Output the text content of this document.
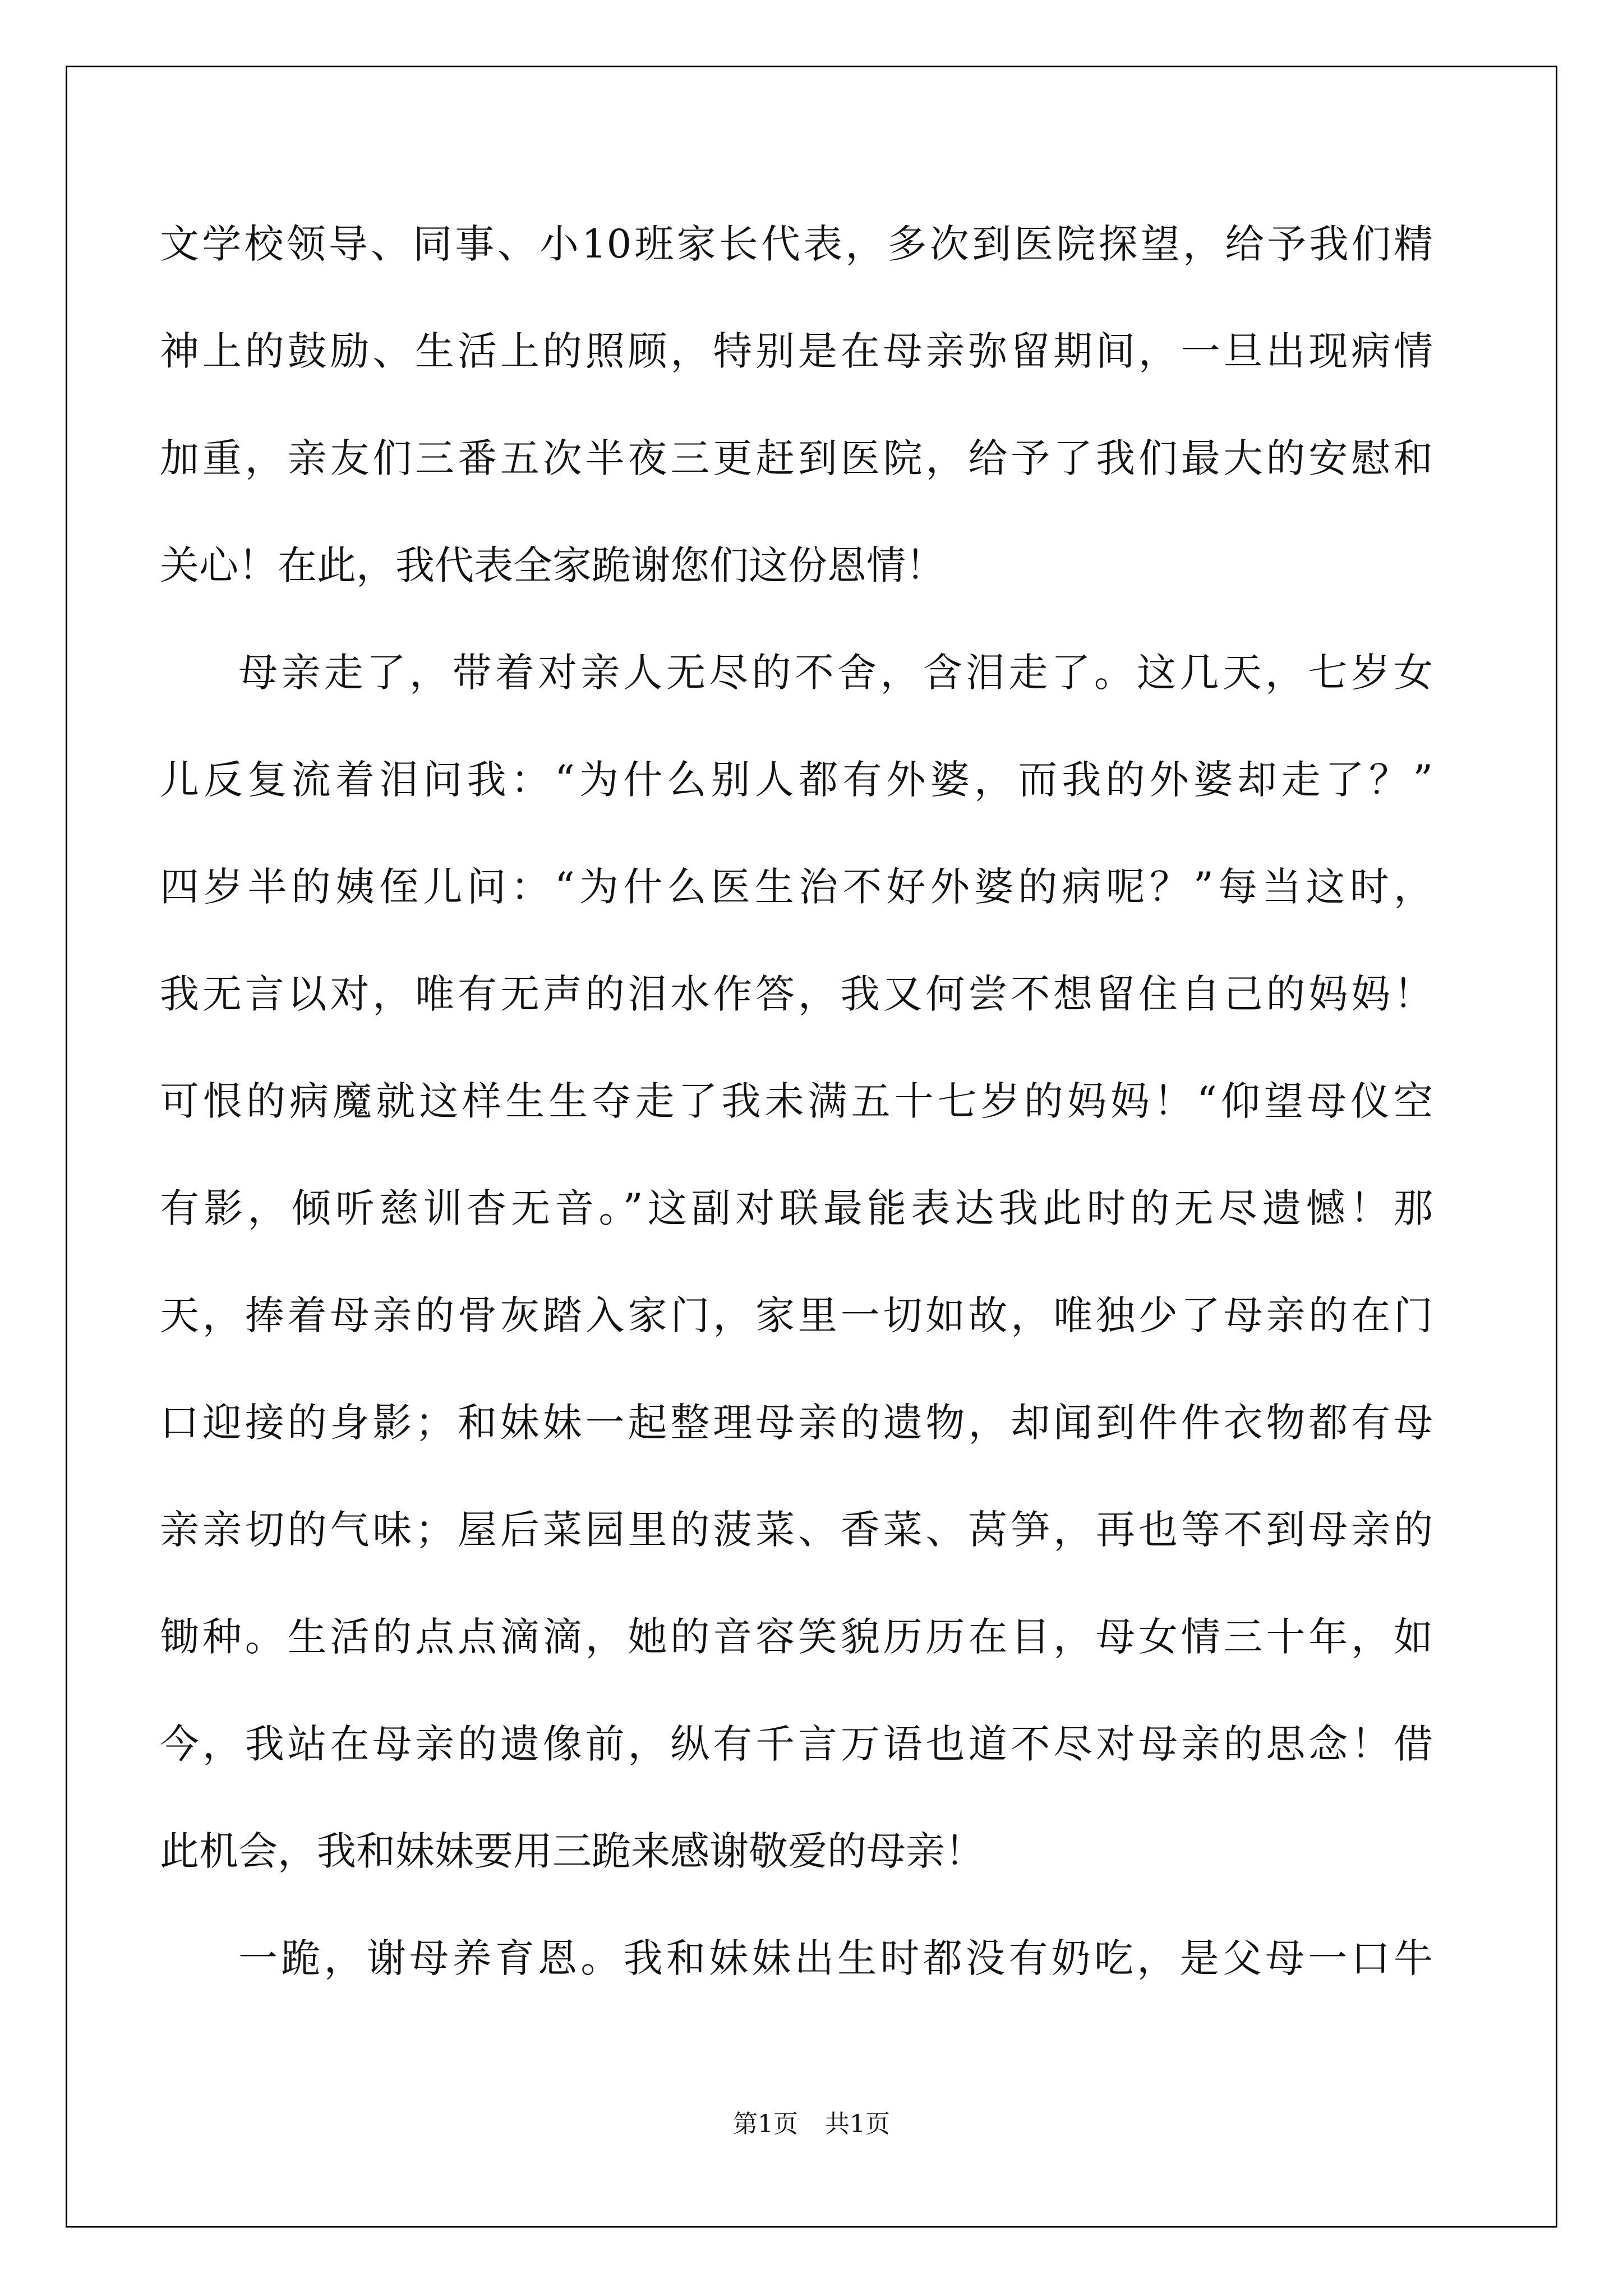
文学校领导、同事、小10班家长代表，多次到医院探望，给予我们精
神上的鼓励、生活上的照顾，特别是在母亲弥留期间，一旦出现病情
加重，亲友们三番五次半夜三更赶到医院，给予了我们最大的安慰和
关心！在此，我代表全家跪谢您们这份恩情！
母亲走了，带着对亲人无尽的不舍，含泪走了。这几天，七岁女
儿反复流着泪问我：“为什么别人都有外婆，而我的外婆却走了？”
四岁半的姨侄儿问：“为什么医生治不好外婆的病呢？”每当这时，
我无言以对，唯有无声的泪水作答，我又何尝不想留住自己的妈妈！
可恨的病魔就这样生生夺走了我未满五十七岁的妈妈！“仰望母仪空
有影，倾听慈训杳无音。”这副对联最能表达我此时的无尽遗憾！那
天，捧着母亲的骨灰踏入家门，家里一切如故，唯独少了母亲的在门
口迎接的身影；和妹妹一起整理母亲的遗物，却闻到件件衣物都有母
亲亲切的气味；屋后菜园里的菠菜、香菜、莴笋，再也等不到母亲的
锄种。生活的点点滴滴，她的音容笑貌历历在目，母女情三十年，如
今，我站在母亲的遗像前，纵有千言万语也道不尽对母亲的思念！借
此机会，我和妹妹要用三跪来感谢敬爱的母亲！
一跪，谢母养育恩。我和妹妹出生时都没有奶吃，是父母一口牛
第1页 共1页
